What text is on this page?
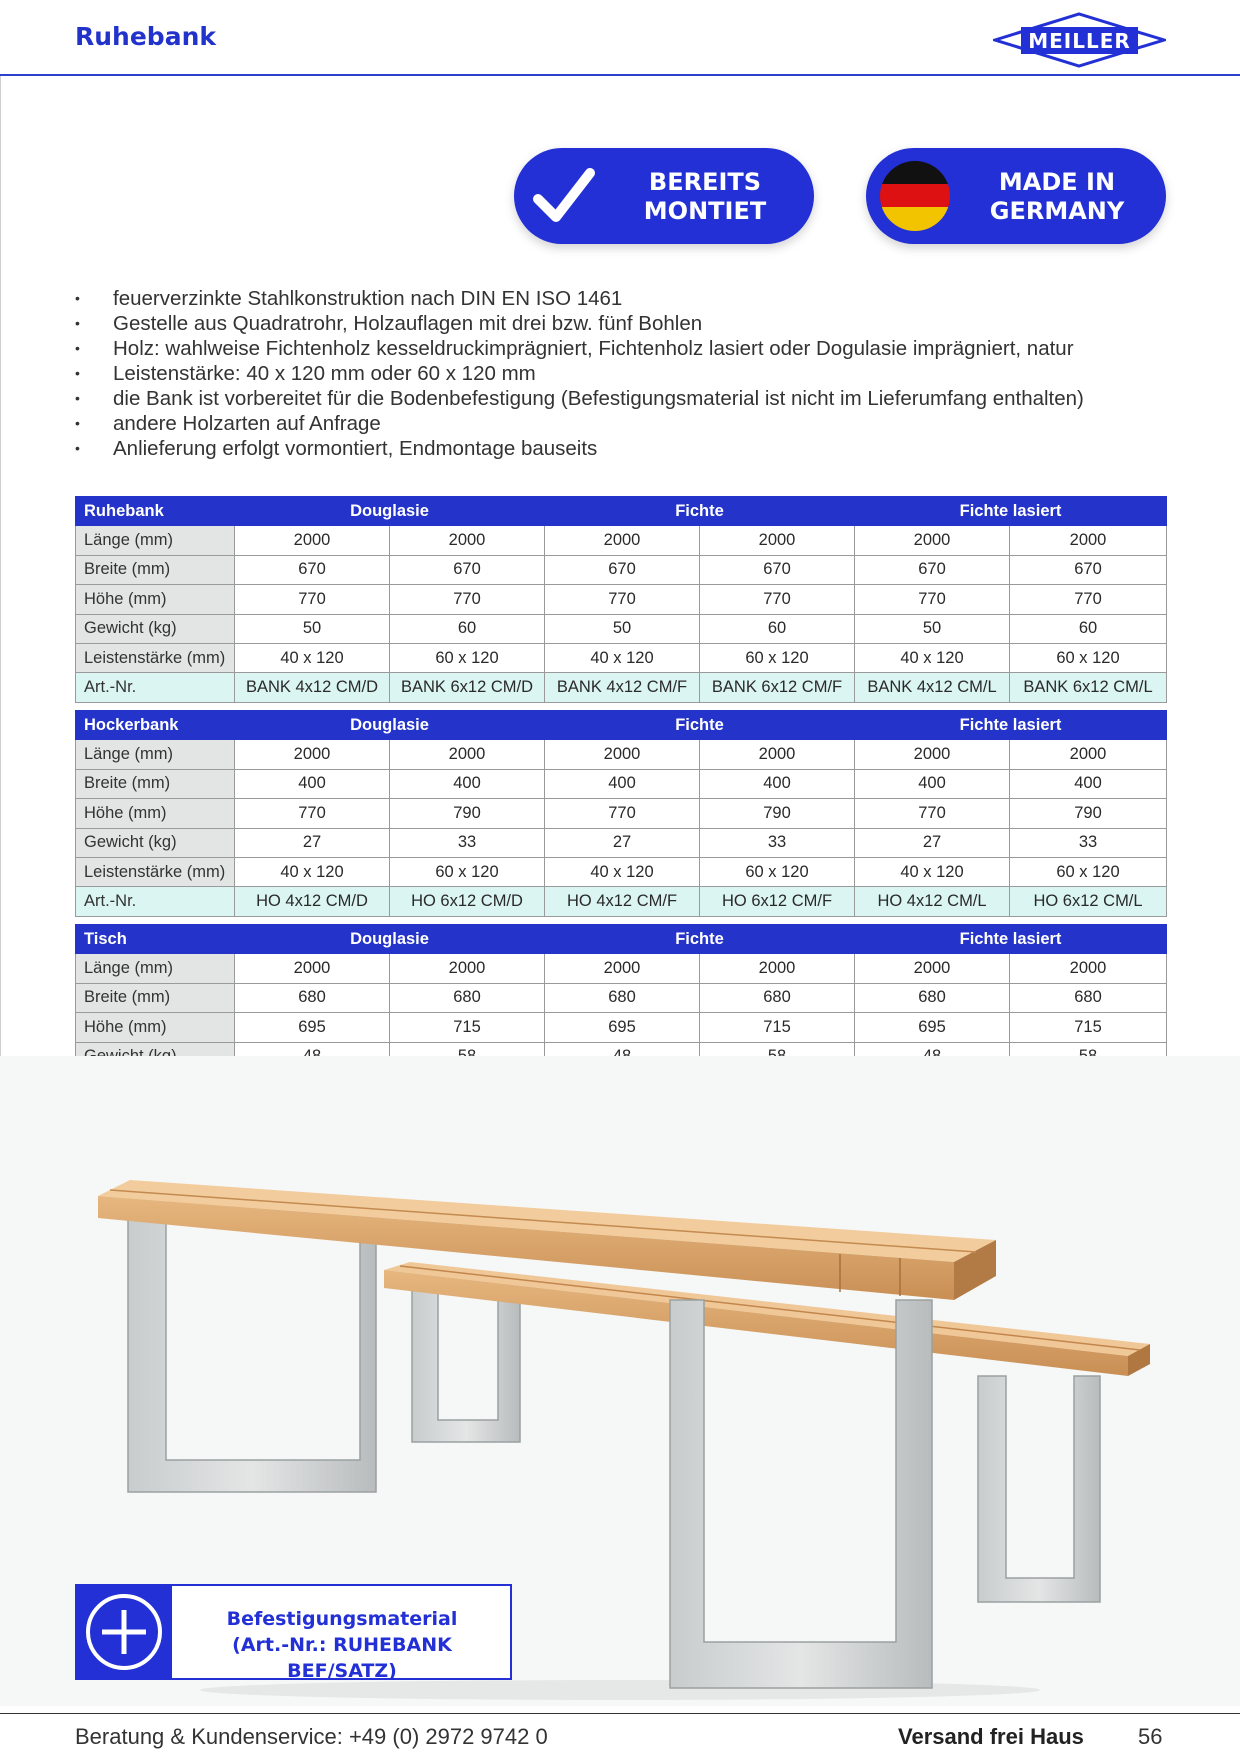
Ruhebank	MEILLER
BEREITS
MONTIET
MADE IN
GERMANY
• feuerverzinkte Stahlkonstruktion nach DIN EN ISO 1461
• Gestelle aus Quadratrohr, Holzauflagen mit drei bzw. fünf Bohlen
• Holz: wahlweise Fichtenholz kesseldruckimprägniert, Fichtenholz lasiert oder Dogulasie imprägniert, natur
• Leistenstärke: 40 x 120 mm oder 60 x 120 mm
• die Bank ist vorbereitet für die Bodenbefestigung (Befestigungsmaterial ist nicht im Lieferumfang enthalten)
• andere Holzarten auf Anfrage
• Anlieferung erfolgt vormontiert, Endmontage bauseits
Ruhebank	Douglasie		Fichte		Fichte lasiert	
Länge (mm)	2000	2000	2000	2000	2000	2000
Breite (mm)	670	670	670	670	670	670
Höhe (mm)	770	770	770	770	770	770
Gewicht (kg)	50	60	50	60	50	60
Leistenstärke (mm)	40 x 120	60 x 120	40 x 120	60 x 120	40 x 120	60 x 120
Art.-Nr.	BANK 4x12 CM/D	BANK 6x12 CM/D	BANK 4x12 CM/F	BANK 6x12 CM/F	BANK 4x12 CM/L	BANK 6x12 CM/L
Hockerbank	Douglasie		Fichte		Fichte lasiert	
Länge (mm)	2000	2000	2000	2000	2000	2000
Breite (mm)	400	400	400	400	400	400
Höhe (mm)	770	790	770	790	770	790
Gewicht (kg)	27	33	27	33	27	33
Leistenstärke (mm)	40 x 120	60 x 120	40 x 120	60 x 120	40 x 120	60 x 120
Art.-Nr.	HO 4x12 CM/D	HO 6x12 CM/D	HO 4x12 CM/F	HO 6x12 CM/F	HO 4x12 CM/L	HO 6x12 CM/L
Tisch	Douglasie		Fichte		Fichte lasiert	
Länge (mm)	2000	2000	2000	2000	2000	2000
Breite (mm)	680	680	680	680	680	680
Höhe (mm)	695	715	695	715	695	715

Befestigungsmaterial
(Art.-Nr.: RUHEBANK BEF/SATZ)
Beratung & Kundenservice: +49 (0) 2972 9742 0	Versand frei Haus 56
